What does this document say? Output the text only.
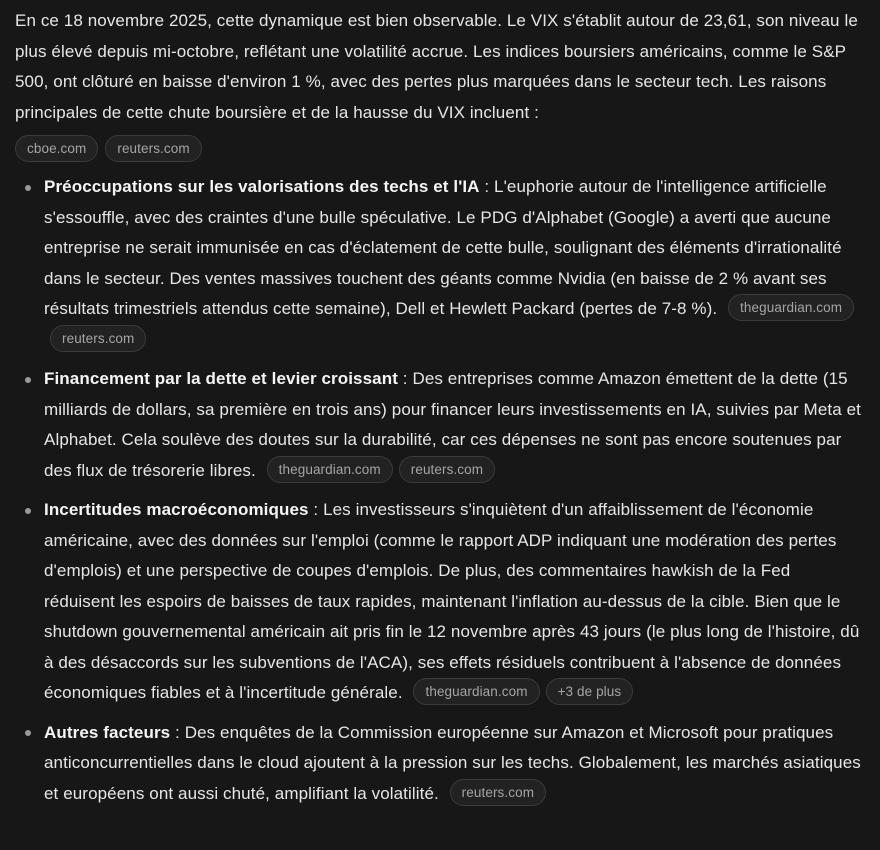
En ce 18 novembre 2025, cette dynamique est bien observable. Le VIX s'établit autour de 23,61, son niveau le plus élevé depuis mi-octobre, reflétant une volatilité accrue. Les indices boursiers américains, comme le S&P 500, ont clôturé en baisse d'environ 1 %, avec des pertes plus marquées dans le secteur tech. Les raisons principales de cette chute boursière et de la hausse du VIX incluent :

cboe.com	reuters.com
Préoccupations sur les valorisations des techs et l'IA : L'euphorie autour de l'intelligence artificielle s'essouffle, avec des craintes d'une bulle spéculative. Le PDG d'Alphabet (Google) a averti que aucune entreprise ne serait immunisée en cas d'éclatement de cette bulle, soulignant des éléments d'irrationalité dans le secteur. Des ventes massives touchent des géants comme Nvidia (en baisse de 2 % avant ses résultats trimestriels attendus cette semaine), Dell et Hewlett Packard (pertes de 7-8 %). theguardian.comreuters.com
Financement par la dette et levier croissant : Des entreprises comme Amazon émettent de la dette (15 milliards de dollars, sa première en trois ans) pour financer leurs investissements en IA, suivies par Meta et Alphabet. Cela soulève des doutes sur la durabilité, car ces dépenses ne sont pas encore soutenues par des flux de trésorerie libres. theguardian.com reuters.com
Incertitudes macroéconomiques : Les investisseurs s'inquiètent d'un affaiblissement de l'économie américaine, avec des données sur l'emploi (comme le rapport ADP indiquant une modération des pertes d'emplois) et une perspective de coupes d'emplois. De plus, des commentaires hawkish de la Fed réduisent les espoirs de baisses de taux rapides, maintenant l'inflation au-dessus de la cible. Bien que le shutdown gouvernemental américain ait pris fin le 12 novembre après 43 jours (le plus long de l'histoire, dû à des désaccords sur les subventions de l'ACA), ses effets résiduels contribuent à l'absence de données économiques fiables et à l'incertitude générale. theguardian.com +3 de plus
Autres facteurs : Des enquêtes de la Commission européenne sur Amazon et Microsoft pour pratiques anticoncurrentielles dans le cloud ajoutent à la pression sur les techs. Globalement, les marchés asiatiques et européens ont aussi chuté, amplifiant la volatilité. reuters.com
